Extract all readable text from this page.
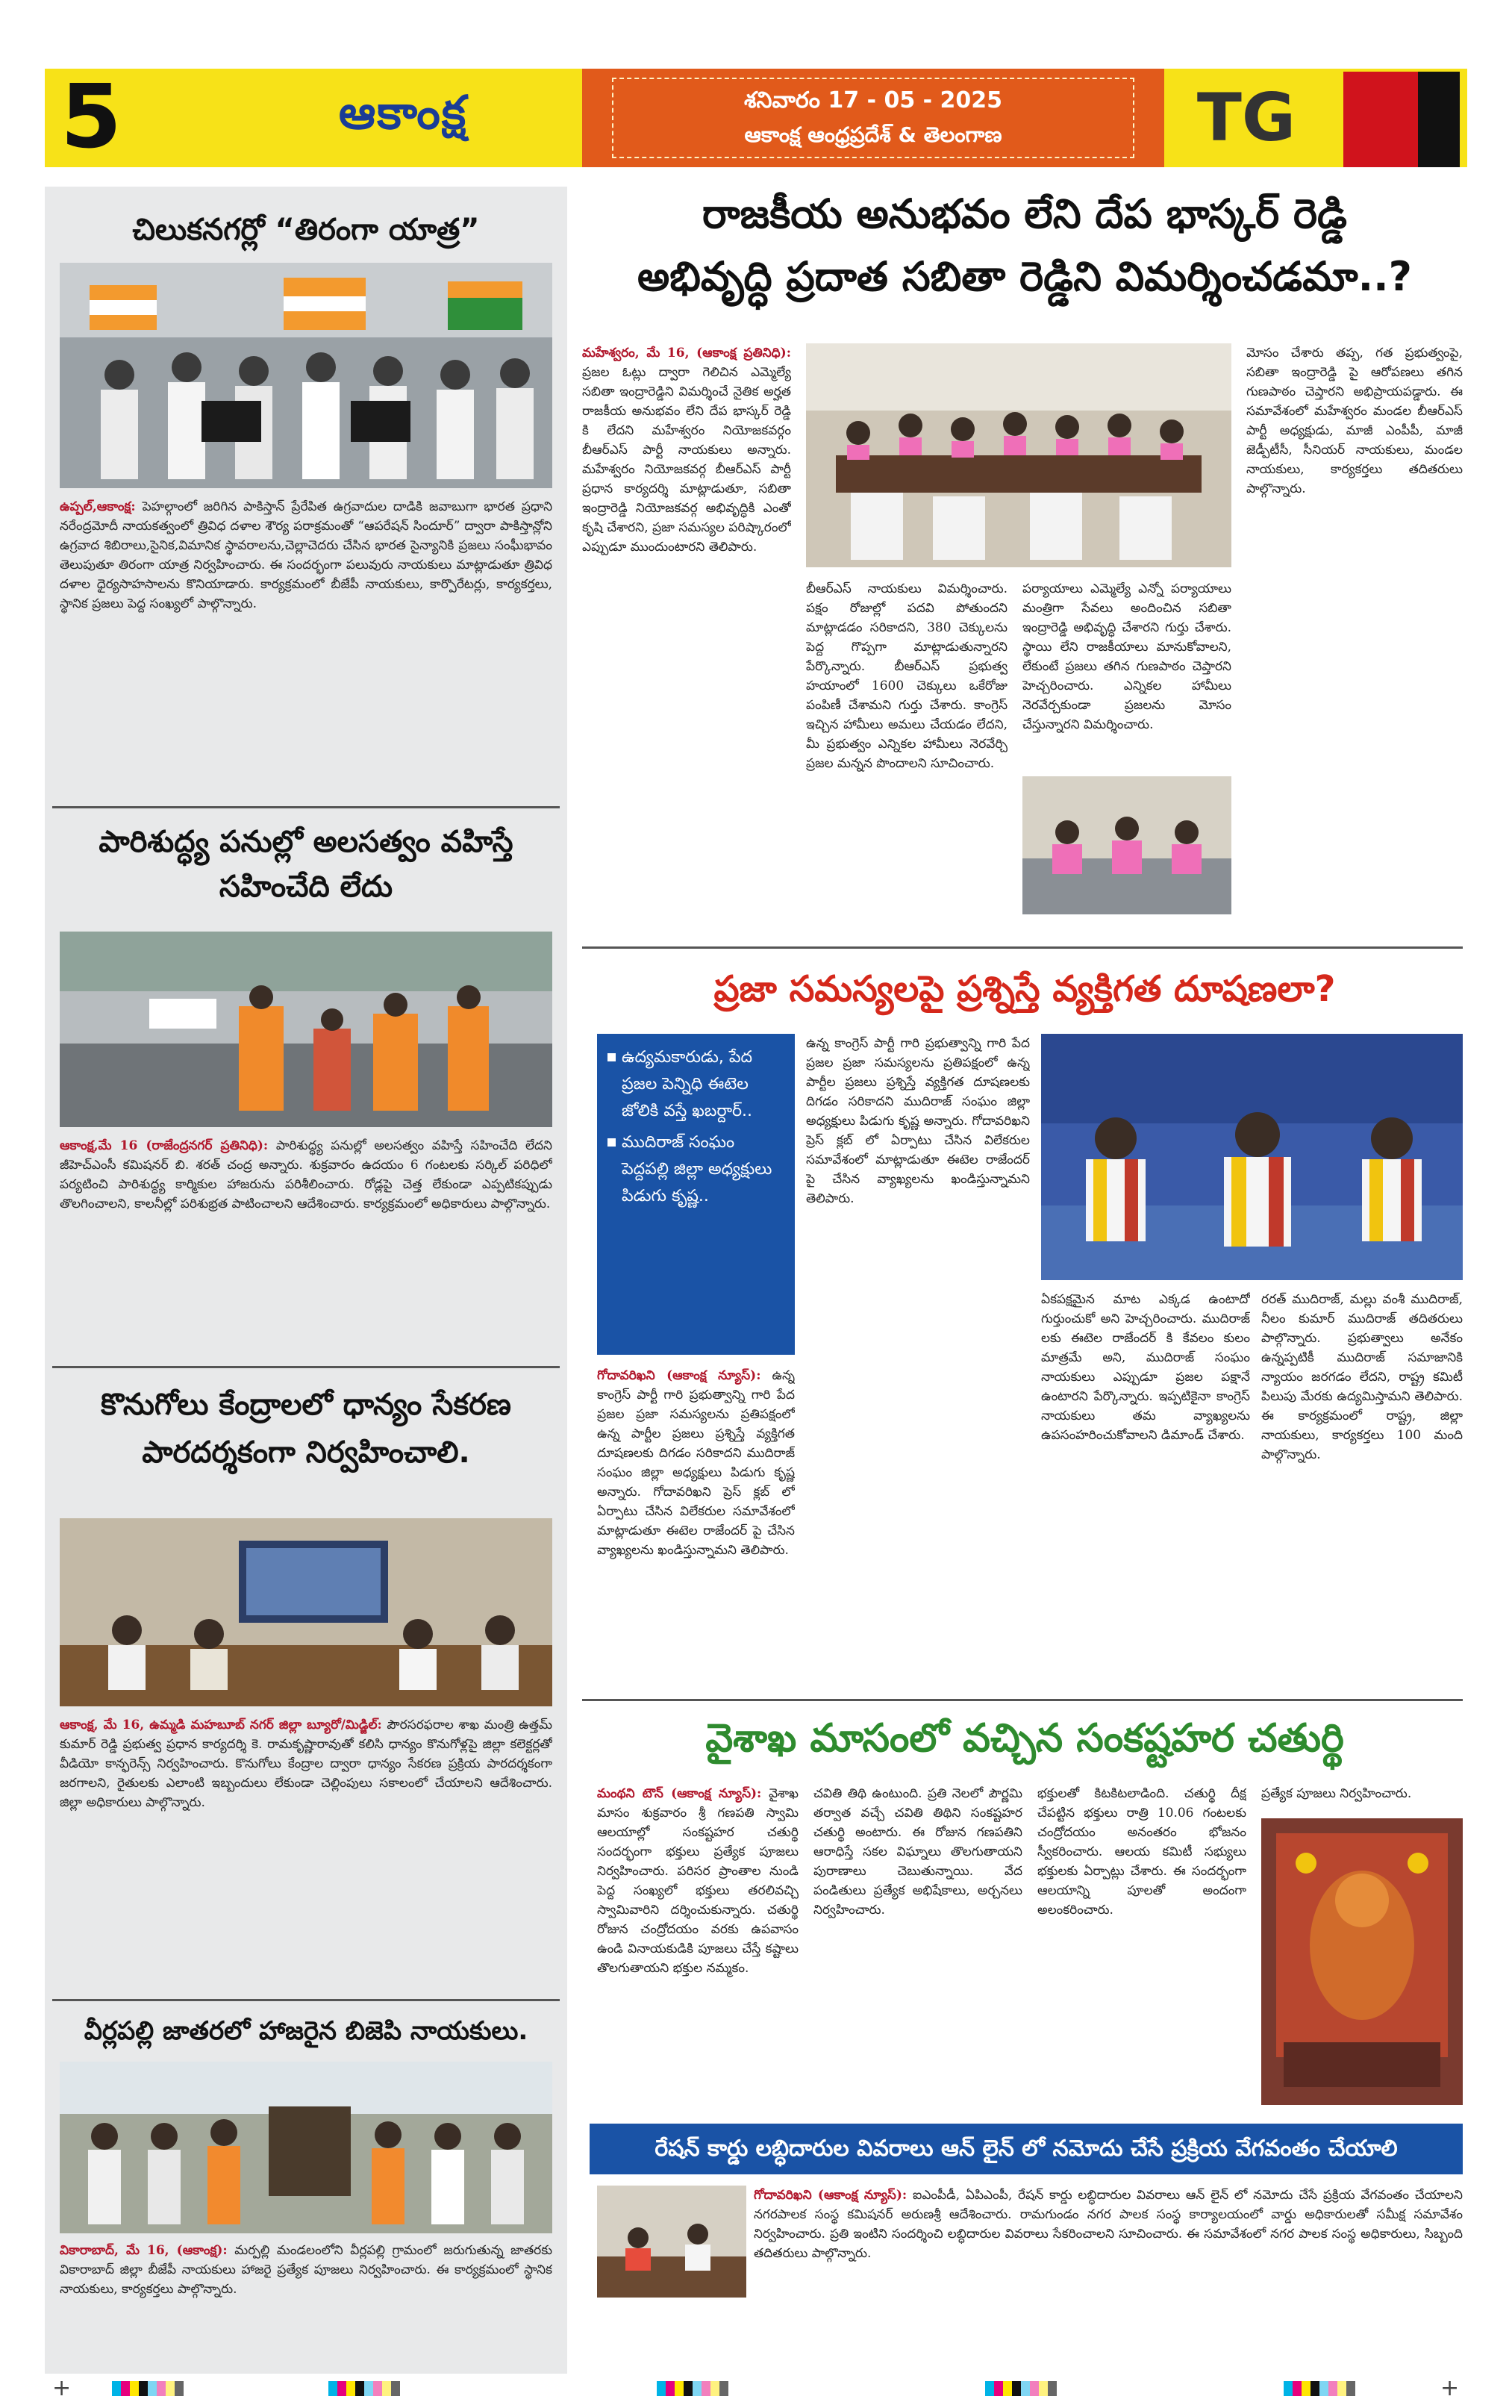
5	ఆకాంక్ష	శనివారం 17 - 05 - 2025
ఆకాంక్ష ఆంధ్రప్రదేశ్ & తెలంగాణ	TG
చిలుకనగర్లో “తిరంగా యాత్ర”
ఉప్పల్,ఆకాంక్ష: పెహల్గాంలో జరిగిన పాకిస్తాన్ ప్రేరేపిత ఉగ్రవాదుల దాడికి జవాబుగా భారత ప్రధాని నరేంద్రమోదీ నాయకత్వంలో త్రివిధ దళాల శౌర్య పరాక్రమంతో “ఆపరేషన్ సిందూర్” ద్వారా పాకిస్తాన్లోని ఉగ్రవాద శిబిరాలు,సైనిక,విమానిక స్థావరాలను,చెల్లాచెదరు చేసిన భారత సైన్యానికి ప్రజలు సంఘీభావం తెలుపుతూ తిరంగా యాత్ర నిర్వహించారు. ఈ సందర్భంగా పలువురు నాయకులు మాట్లాడుతూ త్రివిధ దళాల ధైర్యసాహసాలను కొనియాడారు. కార్యక్రమంలో బీజేపీ నాయకులు, కార్పొరేటర్లు, కార్యకర్తలు, స్థానిక ప్రజలు పెద్ద సంఖ్యలో పాల్గొన్నారు.
పారిశుద్ధ్య పనుల్లో అలసత్వం వహిస్తే సహించేది లేదు
ఆకాంక్ష,మే 16 (రాజేంద్రనగర్ ప్రతినిధి): పారిశుద్ధ్య పనుల్లో అలసత్వం వహిస్తే సహించేది లేదని జీహెచ్ఎంసీ కమిషనర్ బి. శరత్ చంద్ర అన్నారు. శుక్రవారం ఉదయం 6 గంటలకు సర్కిల్ పరిధిలో పర్యటించి పారిశుద్ధ్య కార్మికుల హాజరును పరిశీలించారు. రోడ్లపై చెత్త లేకుండా ఎప్పటికప్పుడు తొలగించాలని, కాలనీల్లో పరిశుభ్రత పాటించాలని ఆదేశించారు. కార్యక్రమంలో అధికారులు పాల్గొన్నారు.
కొనుగోలు కేంద్రాలలో ధాన్యం సేకరణ పారదర్శకంగా నిర్వహించాలి.
ఆకాంక్ష, మే 16, ఉమ్మడి మహబూబ్ నగర్ జిల్లా బ్యూరో/మిడ్జిల్: పౌరసరఫరాల శాఖ మంత్రి ఉత్తమ్ కుమార్ రెడ్డి ప్రభుత్వ ప్రధాన కార్యదర్శి కె. రామకృష్ణారావుతో కలిసి ధాన్యం కొనుగోళ్లపై జిల్లా కలెక్టర్లతో వీడియో కాన్ఫరెన్స్ నిర్వహించారు. కొనుగోలు కేంద్రాల ద్వారా ధాన్యం సేకరణ ప్రక్రియ పారదర్శకంగా జరగాలని, రైతులకు ఎలాంటి ఇబ్బందులు లేకుండా చెల్లింపులు సకాలంలో చేయాలని ఆదేశించారు. జిల్లా అధికారులు పాల్గొన్నారు.
వీర్లపల్లి జాతరలో హాజరైన బిజెపి నాయకులు.
వికారాబాద్, మే 16, (ఆకాంక్ష): మర్పల్లి మండలంలోని వీర్లపల్లి గ్రామంలో జరుగుతున్న జాతరకు వికారాబాద్ జిల్లా బీజేపీ నాయకులు హాజరై ప్రత్యేక పూజలు నిర్వహించారు. ఈ కార్యక్రమంలో స్థానిక నాయకులు, కార్యకర్తలు పాల్గొన్నారు.
రాజకీయ అనుభవం లేని దేప భాస్కర్ రెడ్డి
అభివృద్ధి ప్రదాత సబితా రెడ్డిని విమర్శించడమా..?
మహేశ్వరం, మే 16, (ఆకాంక్ష ప్రతినిధి): ప్రజల ఓట్లు ద్వారా గెలిచిన ఎమ్మెల్యే సబితా ఇంద్రారెడ్డిని విమర్శించే నైతిక అర్హత రాజకీయ అనుభవం లేని దేప భాస్కర్ రెడ్డి కి లేదని మహేశ్వరం నియోజకవర్గం బీఆర్ఎస్ పార్టీ నాయకులు అన్నారు. మహేశ్వరం నియోజకవర్గ బీఆర్ఎస్ పార్టీ ప్రధాన కార్యదర్శి మాట్లాడుతూ, సబితా ఇంద్రారెడ్డి నియోజకవర్గ అభివృద్ధికి ఎంతో కృషి చేశారని, ప్రజా సమస్యల పరిష్కారంలో ఎప్పుడూ ముందుంటారని తెలిపారు.
బీఆర్ఎస్ నాయకులు విమర్శించారు. పక్షం రోజుల్లో పదవి పోతుందని మాట్లాడడం సరికాదని, 380 చెక్కులను పెద్ద గొప్పగా మాట్లాడుతున్నారని పేర్కొన్నారు. బీఆర్ఎస్ ప్రభుత్వ హయాంలో 1600 చెక్కులు ఒకేరోజు పంపిణీ చేశామని గుర్తు చేశారు. కాంగ్రెస్ ఇచ్చిన హామీలు అమలు చేయడం లేదని, మీ ప్రభుత్వం ఎన్నికల హామీలు నెరవేర్చి ప్రజల మన్నన పొందాలని సూచించారు.
పర్యాయాలు ఎమ్మెల్యే ఎన్నో పర్యాయాలు మంత్రిగా సేవలు అందించిన సబితా ఇంద్రారెడ్డి అభివృద్ధి చేశారని గుర్తు చేశారు. స్థాయి లేని రాజకీయాలు మానుకోవాలని, లేకుంటే ప్రజలు తగిన గుణపాఠం చెప్తారని హెచ్చరించారు. ఎన్నికల హామీలు నెరవేర్చకుండా ప్రజలను మోసం చేస్తున్నారని విమర్శించారు.
మోసం చేశారు తప్ప, గత ప్రభుత్వంపై, సబితా ఇంద్రారెడ్డి పై ఆరోపణలు తగిన గుణపాఠం చెప్తారని అభిప్రాయపడ్డారు. ఈ సమావేశంలో మహేశ్వరం మండల బీఆర్ఎస్ పార్టీ అధ్యక్షుడు, మాజీ ఎంపీపీ, మాజీ జెడ్పీటీసీ, సీనియర్ నాయకులు, మండల నాయకులు, కార్యకర్తలు తదితరులు పాల్గొన్నారు.
ప్రజా సమస్యలపై ప్రశ్నిస్తే వ్యక్తిగత దూషణలా?
ఉద్యమకారుడు, పేద ప్రజల పెన్నిధి ఈటెల జోలికి వస్తే ఖబర్దార్..
ముదిరాజ్ సంఘం పెద్దపల్లి జిల్లా అధ్యక్షులు పిడుగు కృష్ణ..
ఉన్న కాంగ్రెస్ పార్టీ గారి ప్రభుత్వాన్ని గారి పేద ప్రజల ప్రజా సమస్యలను ప్రతిపక్షంలో ఉన్న పార్టీల ప్రజలు ప్రశ్నిస్తే వ్యక్తిగత దూషణలకు దిగడం సరికాదని ముదిరాజ్ సంఘం జిల్లా అధ్యక్షులు పిడుగు కృష్ణ అన్నారు. గోదావరిఖని ప్రెస్ క్లబ్ లో ఏర్పాటు చేసిన విలేకరుల సమావేశంలో మాట్లాడుతూ ఈటెల రాజేందర్ పై చేసిన వ్యాఖ్యలను ఖండిస్తున్నామని తెలిపారు.
గోదావరిఖని (ఆకాంక్ష న్యూస్): ఉన్న కాంగ్రెస్ పార్టీ గారి ప్రభుత్వాన్ని గారి పేద ప్రజల ప్రజా సమస్యలను ప్రతిపక్షంలో ఉన్న పార్టీల ప్రజలు ప్రశ్నిస్తే వ్యక్తిగత దూషణలకు దిగడం సరికాదని ముదిరాజ్ సంఘం జిల్లా అధ్యక్షులు పిడుగు కృష్ణ అన్నారు. గోదావరిఖని ప్రెస్ క్లబ్ లో ఏర్పాటు చేసిన విలేకరుల సమావేశంలో మాట్లాడుతూ ఈటెల రాజేందర్ పై చేసిన వ్యాఖ్యలను ఖండిస్తున్నామని తెలిపారు.
ఏకపక్షమైన మాట ఎక్కడ ఉంటాదో గుర్తుంచుకో అని హెచ్చరించారు. ముదిరాజ్ లకు ఈటెల రాజేందర్ కి కేవలం కులం మాత్రమే అని, ముదిరాజ్ సంఘం నాయకులు ఎప్పుడూ ప్రజల పక్షానే ఉంటారని పేర్కొన్నారు. ఇప్పటికైనా కాంగ్రెస్ నాయకులు తమ వ్యాఖ్యలను ఉపసంహరించుకోవాలని డిమాండ్ చేశారు.
రరత్ ముదిరాజ్, మల్లు వంశీ ముదిరాజ్, నీలం కుమార్ ముదిరాజ్ తదితరులు పాల్గొన్నారు. ప్రభుత్వాలు అనేకం ఉన్నప్పటికీ ముదిరాజ్ సమాజానికి న్యాయం జరగడం లేదని, రాష్ట్ర కమిటీ పిలుపు మేరకు ఉద్యమిస్తామని తెలిపారు. ఈ కార్యక్రమంలో రాష్ట్ర, జిల్లా నాయకులు, కార్యకర్తలు 100 మంది పాల్గొన్నారు.
వైశాఖ మాసంలో వచ్చిన సంకష్టహర చతుర్థి
మంథని టౌన్ (ఆకాంక్ష న్యూస్): వైశాఖ మాసం శుక్రవారం శ్రీ గణపతి స్వామి ఆలయాల్లో సంకష్టహర చతుర్థి సందర్భంగా భక్తులు ప్రత్యేక పూజలు నిర్వహించారు. పరిసర ప్రాంతాల నుండి పెద్ద సంఖ్యలో భక్తులు తరలివచ్చి స్వామివారిని దర్శించుకున్నారు. చతుర్థి రోజున చంద్రోదయం వరకు ఉపవాసం ఉండి వినాయకుడికి పూజలు చేస్తే కష్టాలు తొలగుతాయని భక్తుల నమ్మకం.
చవితి తిథి ఉంటుంది. ప్రతి నెలలో పౌర్ణమి తర్వాత వచ్చే చవితి తిథిని సంకష్టహర చతుర్థి అంటారు. ఈ రోజున గణపతిని ఆరాధిస్తే సకల విఘ్నాలు తొలగుతాయని పురాణాలు చెబుతున్నాయి. వేద పండితులు ప్రత్యేక అభిషేకాలు, అర్చనలు నిర్వహించారు.
భక్తులతో కిటకిటలాడింది. చతుర్థి దీక్ష చేపట్టిన భక్తులు రాత్రి 10.06 గంటలకు చంద్రోదయం అనంతరం భోజనం స్వీకరించారు. ఆలయ కమిటీ సభ్యులు భక్తులకు ఏర్పాట్లు చేశారు. ఈ సందర్భంగా ఆలయాన్ని పూలతో అందంగా అలంకరించారు.
ప్రత్యేక పూజలు నిర్వహించారు.
రేషన్ కార్డు లబ్ధిదారుల వివరాలు ఆన్ లైన్ లో నమోదు చేసే ప్రక్రియ వేగవంతం చేయాలి
గోదావరిఖని (ఆకాంక్ష న్యూస్): ఐఎంపీడీ, ఏపిఎంపీ, రేషన్ కార్డు లబ్ధిదారుల వివరాలు ఆన్ లైన్ లో నమోదు చేసే ప్రక్రియ వేగవంతం చేయాలని నగరపాలక సంస్థ కమిషనర్ అరుణశ్రీ ఆదేశించారు. రామగుండం నగర పాలక సంస్థ కార్యాలయంలో వార్డు అధికారులతో సమీక్ష సమావేశం నిర్వహించారు. ప్రతి ఇంటిని సందర్శించి లబ్ధిదారుల వివరాలు సేకరించాలని సూచించారు. ఈ సమావేశంలో నగర పాలక సంస్థ అధికారులు, సిబ్బంది తదితరులు పాల్గొన్నారు.
+	+
